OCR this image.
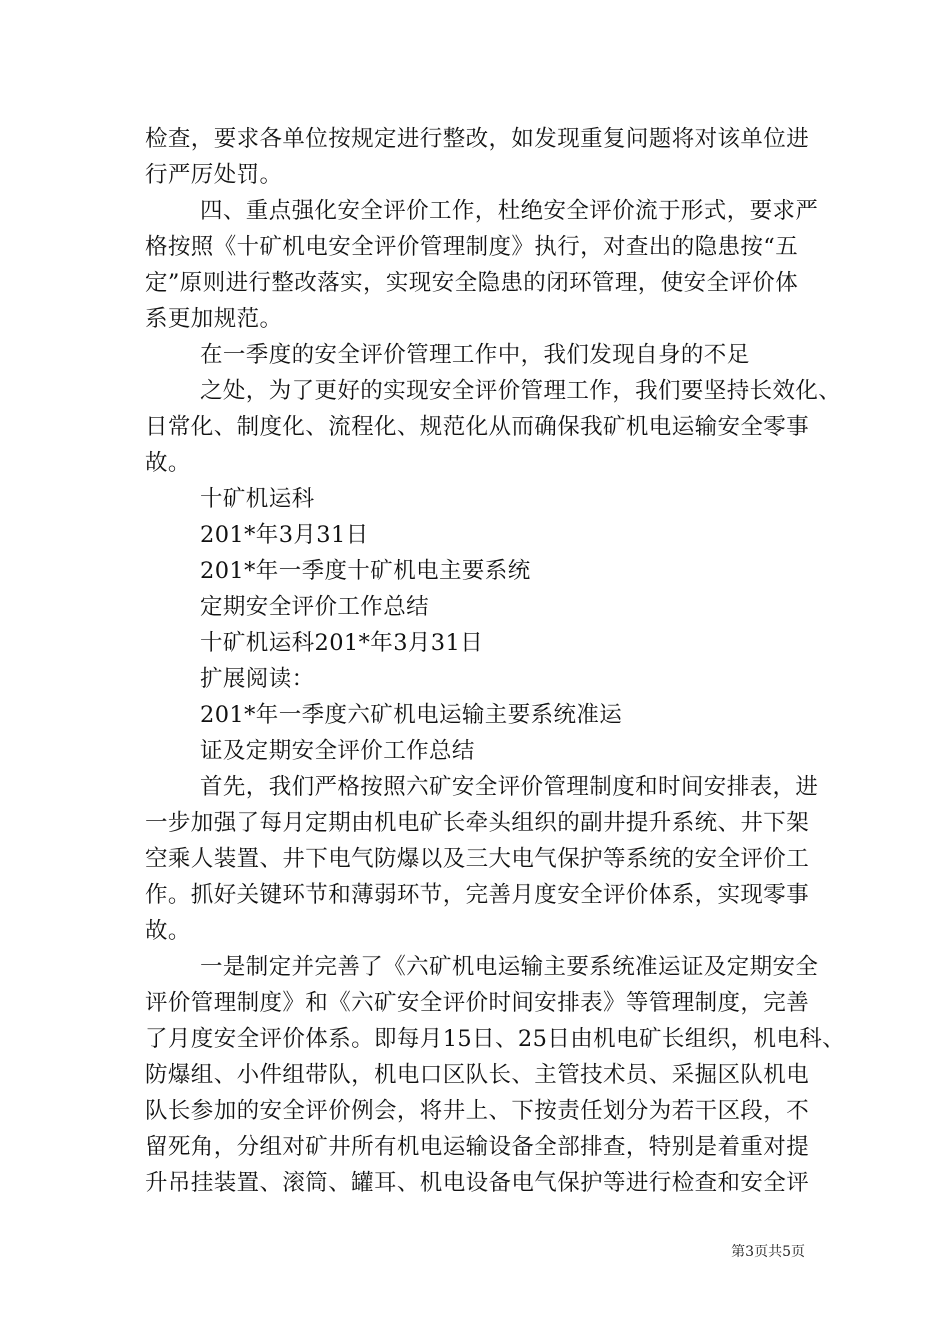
检查，要求各单位按规定进行整改，如发现重复问题将对该单位进
行严厉处罚。
四、重点强化安全评价工作，杜绝安全评价流于形式，要求严
格按照《十矿机电安全评价管理制度》执行，对查出的隐患按“五
定”原则进行整改落实，实现安全隐患的闭环管理，使安全评价体
系更加规范。
在一季度的安全评价管理工作中，我们发现自身的不足
之处，为了更好的实现安全评价管理工作，我们要坚持长效化、
日常化、制度化、流程化、规范化从而确保我矿机电运输安全零事
故。
十矿机运科
201*年3月31日
201*年一季度十矿机电主要系统
定期安全评价工作总结
十矿机运科201*年3月31日
扩展阅读：
201*年一季度六矿机电运输主要系统准运
证及定期安全评价工作总结
首先，我们严格按照六矿安全评价管理制度和时间安排表，进
一步加强了每月定期由机电矿长牵头组织的副井提升系统、井下架
空乘人装置、井下电气防爆以及三大电气保护等系统的安全评价工
作。抓好关键环节和薄弱环节，完善月度安全评价体系，实现零事
故。
一是制定并完善了《六矿机电运输主要系统准运证及定期安全
评价管理制度》和《六矿安全评价时间安排表》等管理制度，完善
了月度安全评价体系。即每月15日、25日由机电矿长组织，机电科、
防爆组、小件组带队，机电口区队长、主管技术员、采掘区队机电
队长参加的安全评价例会，将井上、下按责任划分为若干区段，不
留死角，分组对矿井所有机电运输设备全部排查，特别是着重对提
升吊挂装置、滚筒、罐耳、机电设备电气保护等进行检查和安全评
第3页共5页
